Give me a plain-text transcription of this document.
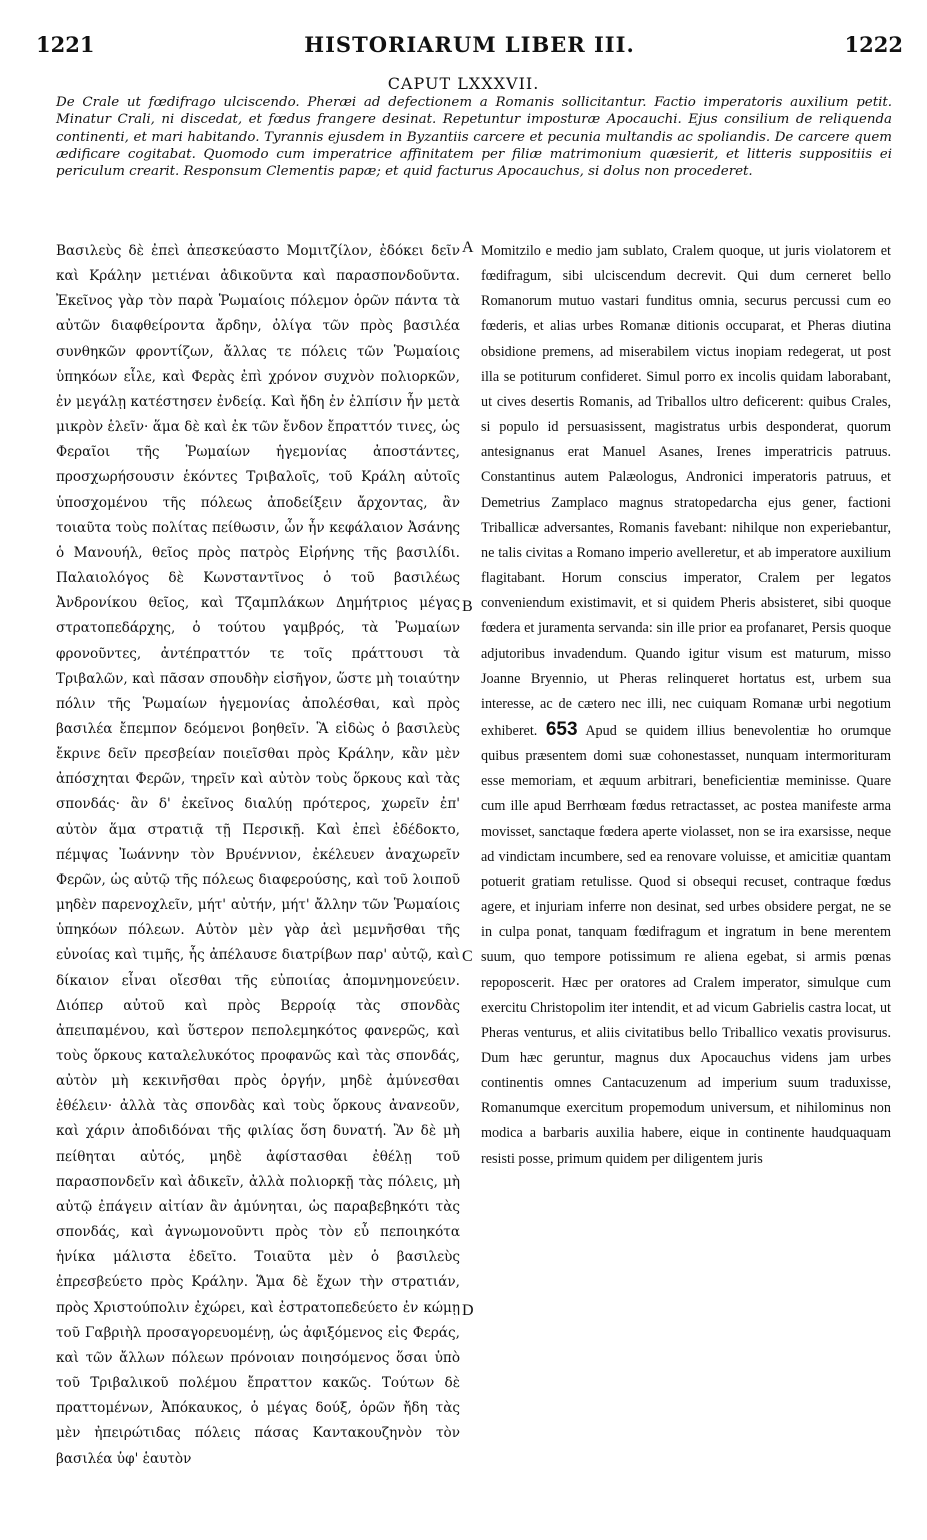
1221	HISTORIARUM LIBER III.	1222
CAPUT LXXXVII.
De Crale ut fœdifrago ulciscendo. Pheræi ad defectionem a Romanis sollicitantur. Factio imperatoris auxilium petit. Minatur Crali, ni discedat, et fœdus frangere desinat. Repetuntur imposturæ Apocauchi. Ejus consilium de reliquenda continenti, et mari habitando. Tyrannis ejusdem in Byzantiis carcere et pecunia multandis ac spoliandis. De carcere quem ædificare cogitabat. Quomodo cum imperatrice affinitatem per filiæ matrimonium quæsierit, et litteris suppositiis ei periculum crearit. Responsum Clementis papæ; et quid facturus Apocauchus, si dolus non procederet.
Βασιλεὺς δὲ ἐπεὶ ἀπεσκεύαστο Μομιτζίλον, ἐδόκει δεῖν καὶ Κράλην μετιέναι ἀδικοῦντα καὶ παρασπονδοῦντα. Ἐκεῖνος γὰρ τὸν παρὰ Ῥωμαίοις πόλεμον ὁρῶν πάντα τὰ αὐτῶν διαφθείροντα ἄρδην, ὀλίγα τῶν πρὸς βασιλέα συνθηκῶν φροντίζων, ἄλλας τε πόλεις τῶν Ῥωμαίοις ὑπηκόων εἷλε, καὶ Φερὰς ἐπὶ χρόνον συχνὸν πολιορκῶν, ἐν μεγάλῃ κατέστησεν ἐνδείᾳ. Καὶ ἤδη ἐν ἐλπίσιν ἦν μετὰ μικρὸν ἑλεῖν· ἅμα δὲ καὶ ἐκ τῶν ἔνδον ἔπραττόν τινες, ὡς Φεραῖοι τῆς Ῥωμαίων ἡγεμονίας ἀποστάντες, προσχωρήσουσιν ἑκόντες Τριβαλοῖς, τοῦ Κράλη αὐτοῖς ὑποσχομένου τῆς πόλεως ἀποδείξειν ἄρχοντας, ἂν τοιαῦτα τοὺς πολίτας πείθωσιν, ὧν ἦν κεφάλαιον Ἀσάνης ὁ Μανουήλ, θεῖος πρὸς πατρὸς Εἰρήνης τῆς βασιλίδι. Παλαιολόγος δὲ Κωνσταντῖνος ὁ τοῦ βασιλέως Ἀνδρονίκου θεῖος, καὶ Τζαμπλάκων Δημήτριος μέγας στρατοπεδάρχης, ὁ τούτου γαμβρός, τὰ Ῥωμαίων φρονοῦντες, ἀντέπραττόν τε τοῖς πράττουσι τὰ Τριβαλῶν, καὶ πᾶσαν σπουδὴν εἰσῆγον, ὥστε μὴ τοιαύτην πόλιν τῆς Ῥωμαίων ἡγεμονίας ἀπολέσθαι, καὶ πρὸς βασιλέα ἔπεμπον δεόμενοι βοηθεῖν. Ἃ εἰδὼς ὁ βασιλεὺς ἔκρινε δεῖν πρεσβείαν ποιεῖσθαι πρὸς Κράλην, κἂν μὲν ἀπόσχηται Φερῶν, τηρεῖν καὶ αὐτὸν τοὺς ὅρκους καὶ τὰς σπονδάς· ἂν δ' ἐκεῖνος διαλύῃ πρότερος, χωρεῖν ἐπ' αὐτὸν ἅμα στρατιᾷ τῇ Περσικῇ. Καὶ ἐπεὶ ἐδέδοκτο, πέμψας Ἰωάννην τὸν Βρυέννιον, ἐκέλευεν ἀναχωρεῖν Φερῶν, ὡς αὐτῷ τῆς πόλεως διαφερούσης, καὶ τοῦ λοιποῦ μηδὲν παρενοχλεῖν, μήτ' αὐτήν, μήτ' ἄλλην τῶν Ῥωμαίοις ὑπηκόων πόλεων. Αὐτὸν μὲν γὰρ ἀεὶ μεμνῆσθαι τῆς εὐνοίας καὶ τιμῆς, ἧς ἀπέλαυσε διατρίβων παρ' αὐτῷ, καὶ δίκαιον εἶναι οἴεσθαι τῆς εὐποιίας ἀπομνημονεύειν. Διόπερ αὐτοῦ καὶ πρὸς Βερροίᾳ τὰς σπονδὰς ἀπειπαμένου, καὶ ὕστερον πεπολεμηκότος φανερῶς, καὶ τοὺς ὅρκους καταλελυκότος προφανῶς καὶ τὰς σπονδάς, αὐτὸν μὴ κεκινῆσθαι πρὸς ὀργήν, μηδὲ ἀμύνεσθαι ἐθέλειν· ἀλλὰ τὰς σπονδὰς καὶ τοὺς ὅρκους ἀνανεοῦν, καὶ χάριν ἀποδιδόναι τῆς φιλίας ὅση δυνατή. Ἂν δὲ μὴ πείθηται αὐτός, μηδὲ ἀφίστασθαι ἐθέλῃ τοῦ παρασπονδεῖν καὶ ἀδικεῖν, ἀλλὰ πολιορκῇ τὰς πόλεις, μὴ αὐτῷ ἐπάγειν αἰτίαν ἂν ἀμύνηται, ὡς παραβεβηκότι τὰς σπονδάς, καὶ ἀγνωμονοῦντι πρὸς τὸν εὖ πεποιηκότα ἡνίκα μάλιστα ἐδεῖτο. Τοιαῦτα μὲν ὁ βασιλεὺς ἐπρεσβεύετο πρὸς Κράλην. Ἅμα δὲ ἔχων τὴν στρατιάν, πρὸς Χριστούπολιν ἐχώρει, καὶ ἐστρατοπεδεύετο ἐν κώμῃ τοῦ Γαβριὴλ προσαγορευομένῃ, ὡς ἀφιξόμενος εἰς Φεράς, καὶ τῶν ἄλλων πόλεων πρόνοιαν ποιησόμενος ὅσαι ὑπὸ τοῦ Τριβαλικοῦ πολέμου ἔπραττον κακῶς. Τούτων δὲ πραττομένων, Ἀπόκαυκος, ὁ μέγας δούξ, ὁρῶν ἤδη τὰς μὲν ἠπειρώτιδας πόλεις πάσας Καντακουζηνὸν τὸν βασιλέα ὑφ' ἑαυτὸν
A
B
C
D
Momitzilo e medio jam sublato, Cralem quoque, ut juris violatorem et fœdifragum, sibi ulciscendum decrevit. Qui dum cerneret bello Romanorum mutuo vastari funditus omnia, securus percussi cum eo fœderis, et alias urbes Romanæ ditionis occuparat, et Pheras diutina obsidione premens, ad miserabilem victus inopiam redegerat, ut post illa se potiturum confideret. Simul porro ex incolis quidam laborabant, ut cives desertis Romanis, ad Triballos ultro deficerent: quibus Crales, si populo id persuasissent, magistratus urbis desponderat, quorum antesignanus erat Manuel Asanes, Irenes imperatricis patruus. Constantinus autem Palæologus, Andronici imperatoris patruus, et Demetrius Zamplaco magnus stratopedarcha ejus gener, factioni Triballicæ adversantes, Romanis favebant: nihilque non experiebantur, ne talis civitas a Romano imperio avelleretur, et ab imperatore auxilium flagitabant. Horum conscius imperator, Cralem per legatos conveniendum existimavit, et si quidem Pheris absisteret, sibi quoque fœdera et juramenta servanda: sin ille prior ea profanaret, Persis quoque adjutoribus invadendum. Quando igitur visum est maturum, misso Joanne Bryennio, ut Pheras relinqueret hortatus est, urbem sua interesse, ac de cætero nec illi, nec cuiquam Romanæ urbi negotium exhiberet. 653 Apud se quidem illius benevolentiæ ho orumque quibus præsentem domi suæ cohonestasset, nunquam intermorituram esse memoriam, et æquum arbitrari, beneficientiæ meminisse. Quare cum ille apud Berrhœam fœdus retractasset, ac postea manifeste arma movisset, sanctaque fœdera aperte violasset, non se ira exarsisse, neque ad vindictam incumbere, sed ea renovare voluisse, et amicitiæ quantam potuerit gratiam retulisse. Quod si obsequi recuset, contraque fœdus agere, et injuriam inferre non desinat, sed urbes obsidere pergat, ne se in culpa ponat, tanquam fœdifragum et ingratum in bene merentem suum, quo tempore potissimum re aliena egebat, si armis pœnas repoposcerit. Hæc per oratores ad Cralem imperator, simulque cum exercitu Christopolim iter intendit, et ad vicum Gabrielis castra locat, ut Pheras venturus, et aliis civitatibus bello Triballico vexatis provisurus. Dum hæc geruntur, magnus dux Apocauchus videns jam urbes continentis omnes Cantacuzenum ad imperium suum traduxisse, Romanumque exercitum propemodum universum, et nihilominus non modica a barbaris auxilia habere, eique in continente haudquaquam resisti posse, primum quidem per diligentem juris
